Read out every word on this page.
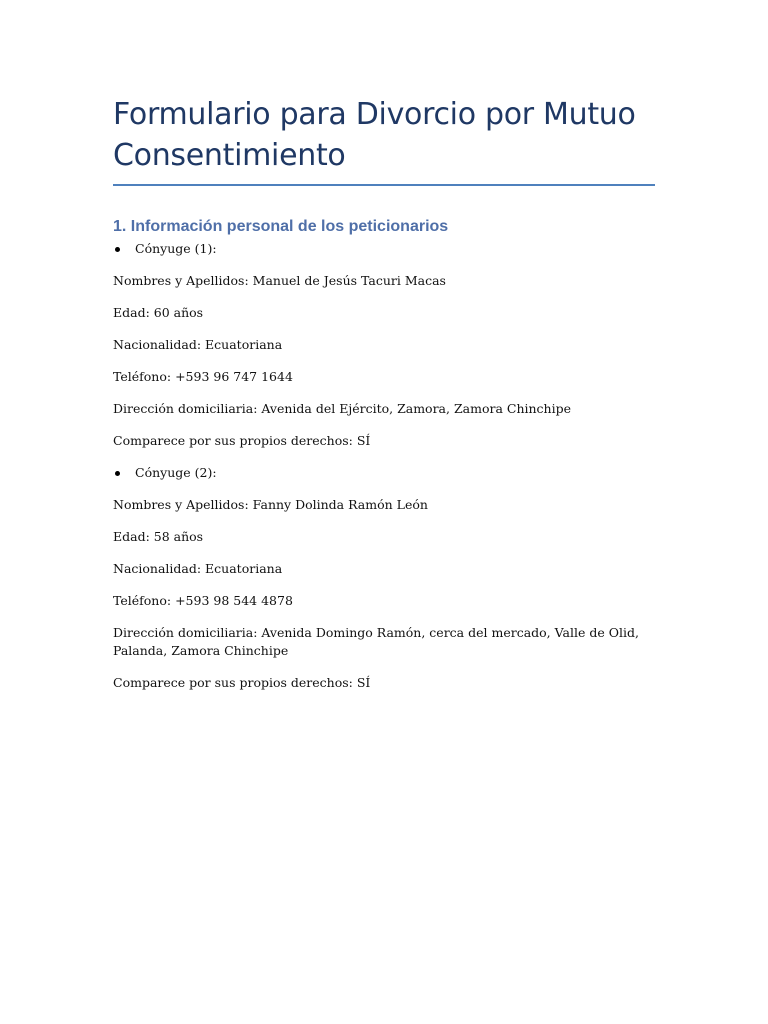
Formulario para Divorcio por Mutuo Consentimiento
1. Información personal de los peticionarios
Cónyuge (1):

Nombres y Apellidos: Manuel de Jesús Tacuri Macas

Edad: 60 años

Nacionalidad: Ecuatoriana

Teléfono: +593 96 747 1644

Dirección domiciliaria: Avenida del Ejército, Zamora, Zamora Chinchipe

Comparece por sus propios derechos: SÍ

Cónyuge (2):

Nombres y Apellidos: Fanny Dolinda Ramón León

Edad: 58 años

Nacionalidad: Ecuatoriana

Teléfono: +593 98 544 4878

Dirección domiciliaria: Avenida Domingo Ramón, cerca del mercado, Valle de Olid, Palanda, Zamora Chinchipe

Comparece por sus propios derechos: SÍ
